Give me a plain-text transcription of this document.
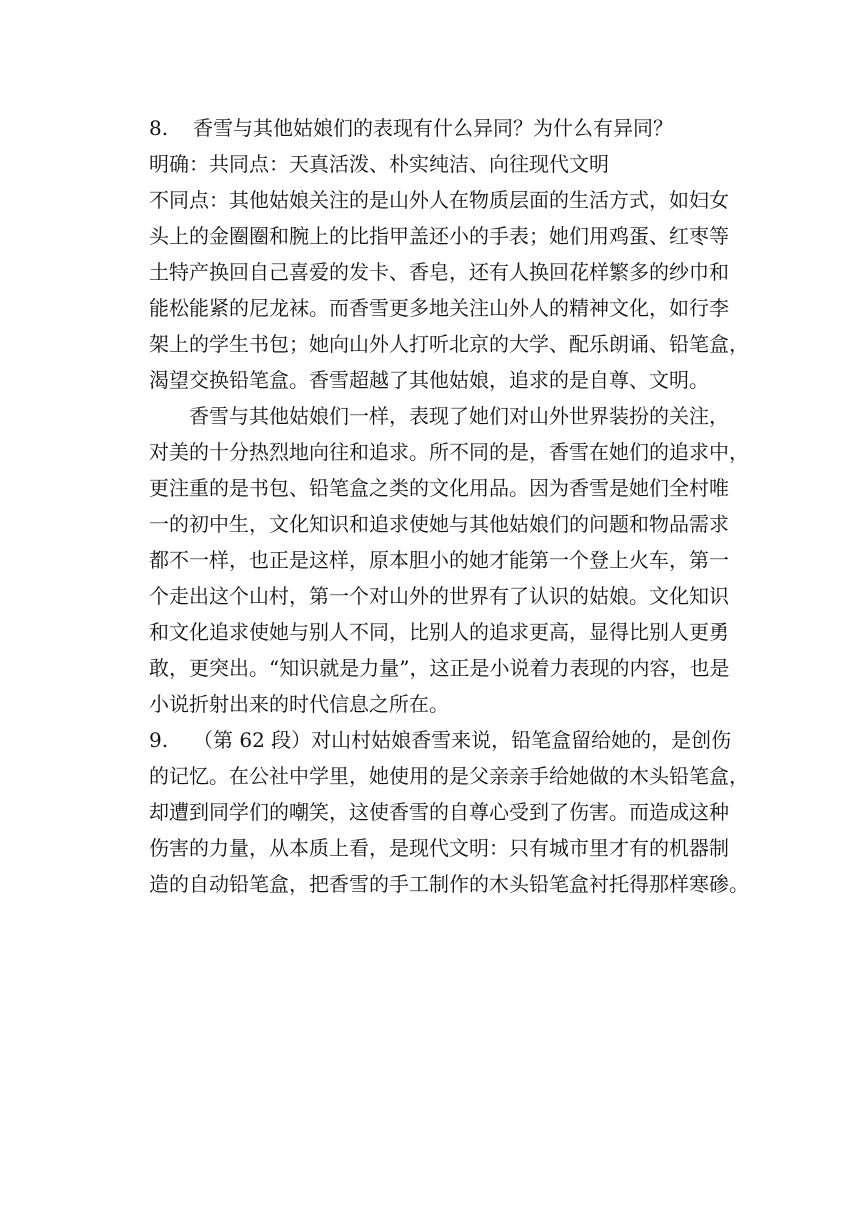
8. 香雪与其他姑娘们的表现有什么异同？为什么有异同？
明确：共同点：天真活泼、朴实纯洁、向往现代文明
不同点：其他姑娘关注的是山外人在物质层面的生活方式，如妇女
头上的金圈圈和腕上的比指甲盖还小的手表；她们用鸡蛋、红枣等
土特产换回自己喜爱的发卡、香皂，还有人换回花样繁多的纱巾和
能松能紧的尼龙袜。而香雪更多地关注山外人的精神文化，如行李
架上的学生书包；她向山外人打听北京的大学、配乐朗诵、铅笔盒，
渴望交换铅笔盒。香雪超越了其他姑娘，追求的是自尊、文明。
香雪与其他姑娘们一样，表现了她们对山外世界装扮的关注，
对美的十分热烈地向往和追求。所不同的是，香雪在她们的追求中，
更注重的是书包、铅笔盒之类的文化用品。因为香雪是她们全村唯
一的初中生，文化知识和追求使她与其他姑娘们的问题和物品需求
都不一样，也正是这样，原本胆小的她才能第一个登上火车，第一
个走出这个山村，第一个对山外的世界有了认识的姑娘。文化知识
和文化追求使她与别人不同，比别人的追求更高，显得比别人更勇
敢，更突出。“知识就是力量”，这正是小说着力表现的内容，也是
小说折射出来的时代信息之所在。
9. （第 62 段）对山村姑娘香雪来说，铅笔盒留给她的，是创伤
的记忆。在公社中学里，她使用的是父亲亲手给她做的木头铅笔盒，
却遭到同学们的嘲笑，这使香雪的自尊心受到了伤害。而造成这种
伤害的力量，从本质上看，是现代文明：只有城市里才有的机器制
造的自动铅笔盒，把香雪的手工制作的木头铅笔盒衬托得那样寒碜。
